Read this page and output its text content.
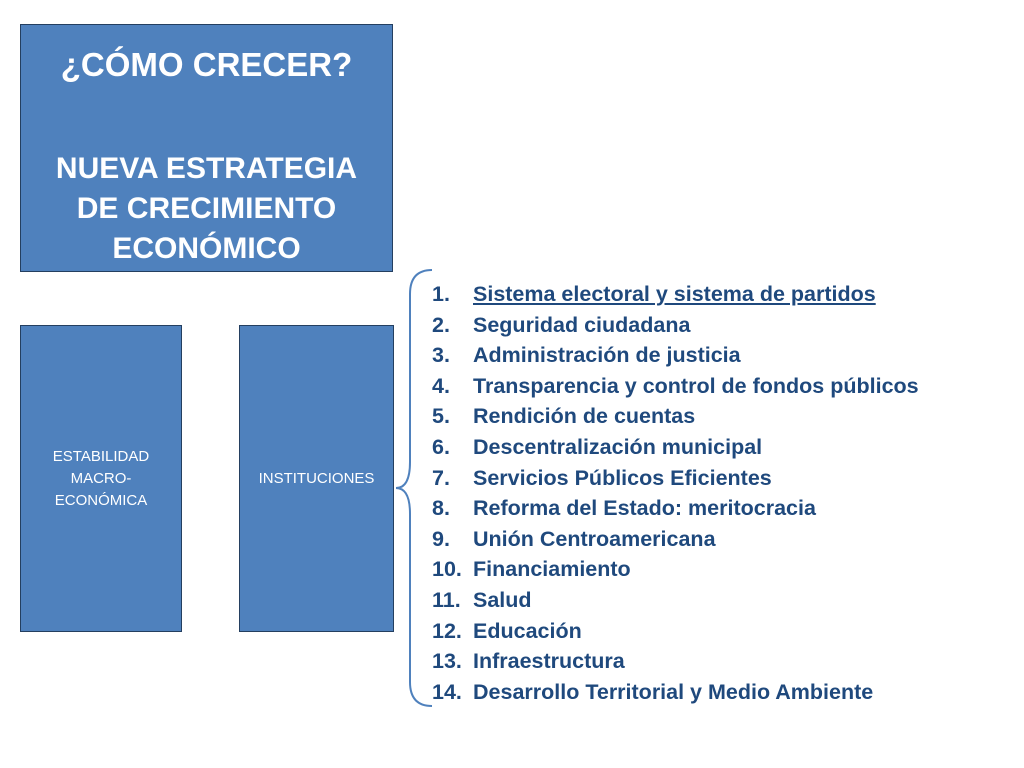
¿CÓMO CRECER?
NUEVA ESTRATEGIA
DE CRECIMIENTO
ECONÓMICO
ESTABILIDAD
MACRO-
ECONÓMICA
INSTITUCIONES
1. Sistema electoral y sistema de partidos
2. Seguridad ciudadana
3. Administración de justicia
4. Transparencia y control de fondos públicos
5. Rendición de cuentas
6. Descentralización municipal
7. Servicios Públicos Eficientes
8. Reforma del Estado: meritocracia
9. Unión Centroamericana
10. Financiamiento
11. Salud
12. Educación
13. Infraestructura
14. Desarrollo Territorial y Medio Ambiente
